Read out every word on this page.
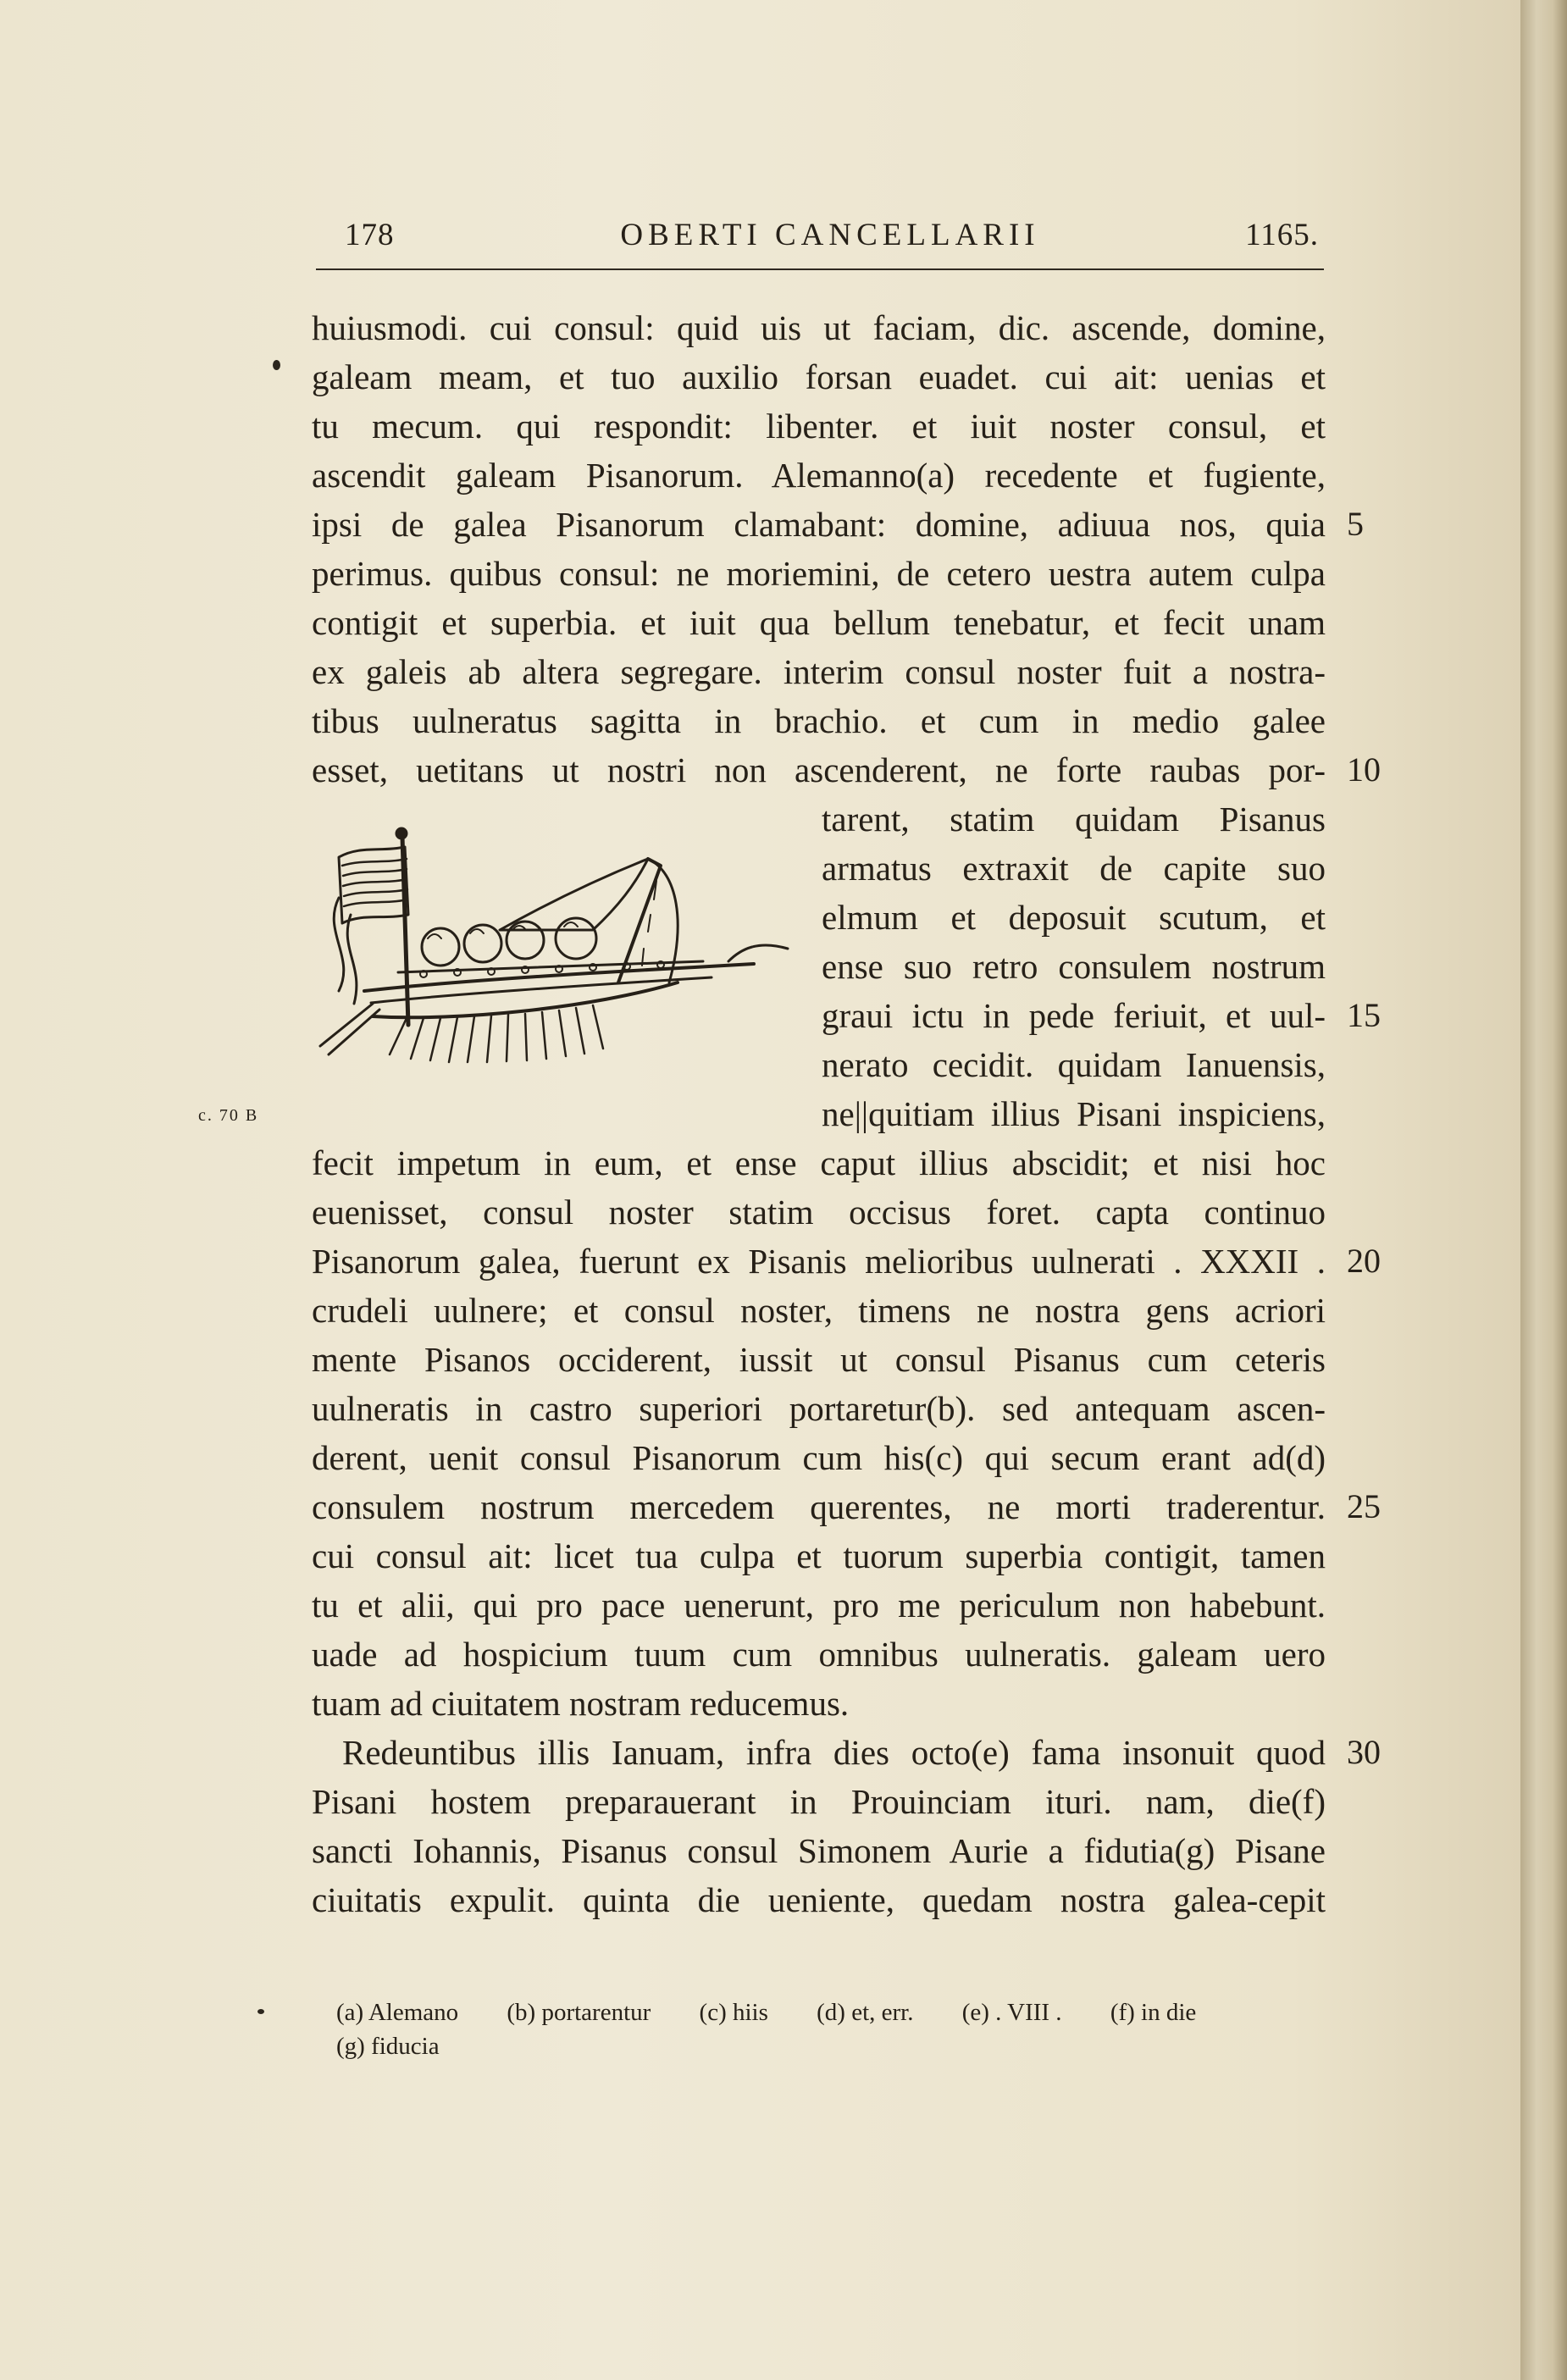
178	OBERTI CANCELLARII	1165.
c. 70 B
huiusmodi. cui consul: quid uis ut faciam, dic. ascende, domine,
galeam meam, et tuo auxilio forsan euadet. cui ait: uenias et
tu mecum. qui respondit: libenter. et iuit noster consul, et
ascendit galeam Pisanorum. Alemanno(a) recedente et fugiente,
ipsi de galea Pisanorum clamabant: domine, adiuua nos, quia
perimus. quibus consul: ne moriemini, de cetero uestra autem culpa
contigit et superbia. et iuit qua bellum tenebatur, et fecit unam
ex galeis ab altera segregare. interim consul noster fuit a nostra-
tibus uulneratus sagitta in brachio. et cum in medio galee
esset, uetitans ut nostri non ascenderent, ne forte raubas por-
tarent, statim quidam Pisanus
armatus extraxit de capite suo
elmum et deposuit scutum, et
ense suo retro consulem nostrum
graui ictu in pede feriuit, et uul-
nerato cecidit. quidam Ianuensis,
ne||quitiam illius Pisani inspiciens,
fecit impetum in eum, et ense caput illius abscidit; et nisi hoc
euenisset, consul noster statim occisus foret. capta continuo
Pisanorum galea, fuerunt ex Pisanis melioribus uulnerati . XXXII .
crudeli uulnere; et consul noster, timens ne nostra gens acriori
mente Pisanos occiderent, iussit ut consul Pisanus cum ceteris
uulneratis in castro superiori portaretur(b). sed antequam ascen-
derent, uenit consul Pisanorum cum his(c) qui secum erant ad(d)
consulem nostrum mercedem querentes, ne morti traderentur.
cui consul ait: licet tua culpa et tuorum superbia contigit, tamen
tu et alii, qui pro pace uenerunt, pro me periculum non habebunt.
uade ad hospicium tuum cum omnibus uulneratis. galeam uero
tuam ad ciuitatem nostram reducemus.
Redeuntibus illis Ianuam, infra dies octo(e) fama insonuit quod
Pisani hostem preparauerant in Prouinciam ituri. nam, die(f)
sancti Iohannis, Pisanus consul Simonem Aurie a fidutia(g) Pisane
ciuitatis expulit. quinta die ueniente, quedam nostra galea-cepit
5
10
15
20
25
30
(a) Alemano (b) portarentur (c) hiis (d) et, err. (e) . VIII . (f) in die
(g) fiducia
